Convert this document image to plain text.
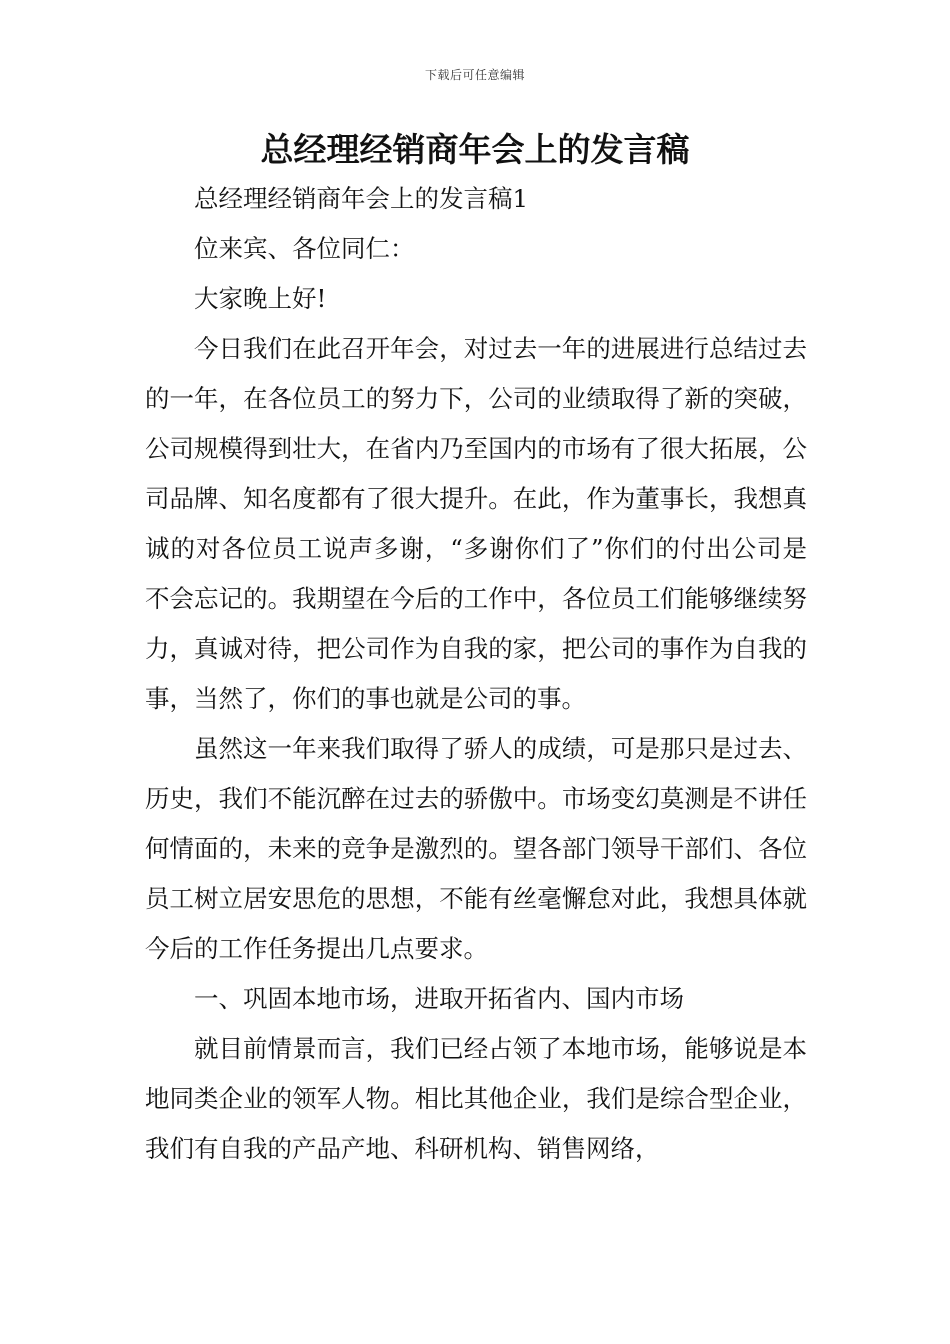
下载后可任意编辑
总经理经销商年会上的发言稿

总经理经销商年会上的发言稿1

位来宾、各位同仁：

大家晚上好!

今日我们在此召开年会，对过去一年的进展进行总结过去的一年，在各位员工的努力下，公司的业绩取得了新的突破，公司规模得到壮大，在省内乃至国内的市场有了很大拓展，公司品牌、知名度都有了很大提升。在此，作为董事长，我想真诚的对各位员工说声多谢，“多谢你们了”你们的付出公司是不会忘记的。我期望在今后的工作中，各位员工们能够继续努力，真诚对待，把公司作为自我的家，把公司的事作为自我的事，当然了，你们的事也就是公司的事。

虽然这一年来我们取得了骄人的成绩，可是那只是过去、历史，我们不能沉醉在过去的骄傲中。市场变幻莫测是不讲任何情面的，未来的竞争是激烈的。望各部门领导干部们、各位员工树立居安思危的思想，不能有丝毫懈怠对此，我想具体就今后的工作任务提出几点要求。

一、巩固本地市场，进取开拓省内、国内市场

就目前情景而言，我们已经占领了本地市场，能够说是本地同类企业的领军人物。相比其他企业，我们是综合型企业，我们有自我的产品产地、科研机构、销售网络，
